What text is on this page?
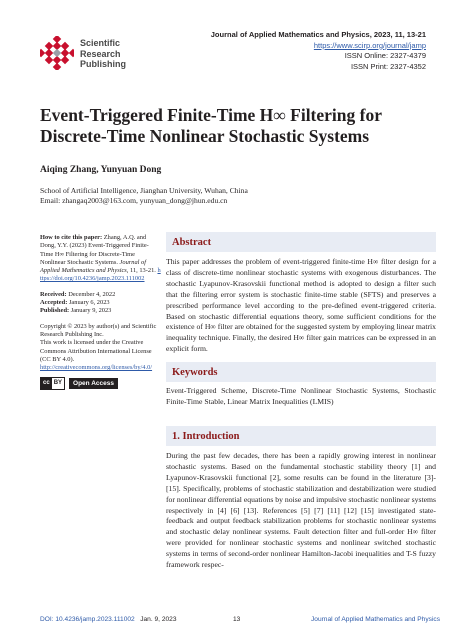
Scientific
Research
Publishing
Journal of Applied Mathematics and Physics, 2023, 11, 13-21
https://www.scirp.org/journal/jamp
ISSN Online: 2327-4379
ISSN Print: 2327-4352
Event-Triggered Finite-Time H∞ Filtering for
Discrete-Time Nonlinear Stochastic Systems
Aiqing Zhang, Yunyuan Dong
School of Artificial Intelligence, Jianghan University, Wuhan, China
Email: zhangaq2003@163.com, yunyuan_dong@jhun.edu.cn

How to cite this paper: Zhang, A.Q. and Dong, Y.Y. (2023) Event-Triggered Finite-Time H∞ Filtering for Discrete-Time Nonlinear Stochastic Systems. Journal of Applied Mathematics and Physics, 11, 13-21. https://doi.org/10.4236/jamp.2023.111002

Received: December 4, 2022
Accepted: January 6, 2023
Published: January 9, 2023

Copyright © 2023 by author(s) and Scientific Research Publishing Inc.
This work is licensed under the Creative Commons Attribution International License (CC BY 4.0).
http://creativecommons.org/licenses/by/4.0/

cc BY	Open Access
Abstract

This paper addresses the problem of event-triggered finite-time H∞ filter design for a class of discrete-time nonlinear stochastic systems with exogenous disturbances. The stochastic Lyapunov-Krasovskii functional method is adopted to design a filter such that the filtering error system is stochastic finite-time stable (SFTS) and preserves a prescribed performance level according to the pre-defined event-triggered criteria. Based on stochastic differential equations theory, some sufficient conditions for the existence of H∞ filter are obtained for the suggested system by employing linear matrix inequality technique. Finally, the desired H∞ filter gain matrices can be expressed in an explicit form.

Keywords

Event-Triggered Scheme, Discrete-Time Nonlinear Stochastic Systems, Stochastic Finite-Time Stable, Linear Matrix Inequalities (LMIS)

1. Introduction

During the past few decades, there has been a rapidly growing interest in nonlinear stochastic systems. Based on the fundamental stochastic stability theory [1] and Lyapunov-Krasovskii functional [2], some results can be found in the literature [3]-[15]. Specifically, problems of stochastic stabilization and destabilization were studied for nonlinear differential equations by noise and impulsive stochastic nonlinear systems respectively in [4] [6] [13]. References [5] [7] [11] [12] [15] investigated state-feedback and output feedback stabilization problems for stochastic nonlinear systems and stochastic delay nonlinear systems. Fault detection filter and full-order H∞ filter were provided for nonlinear stochastic systems and nonlinear switched stochastic systems in terms of second-order nonlinear Hamilton-Jacobi inequalities and T-S fuzzy framework respec-

DOI: 10.4236/jamp.2023.111002 Jan. 9, 2023	13	Journal of Applied Mathematics and Physics
